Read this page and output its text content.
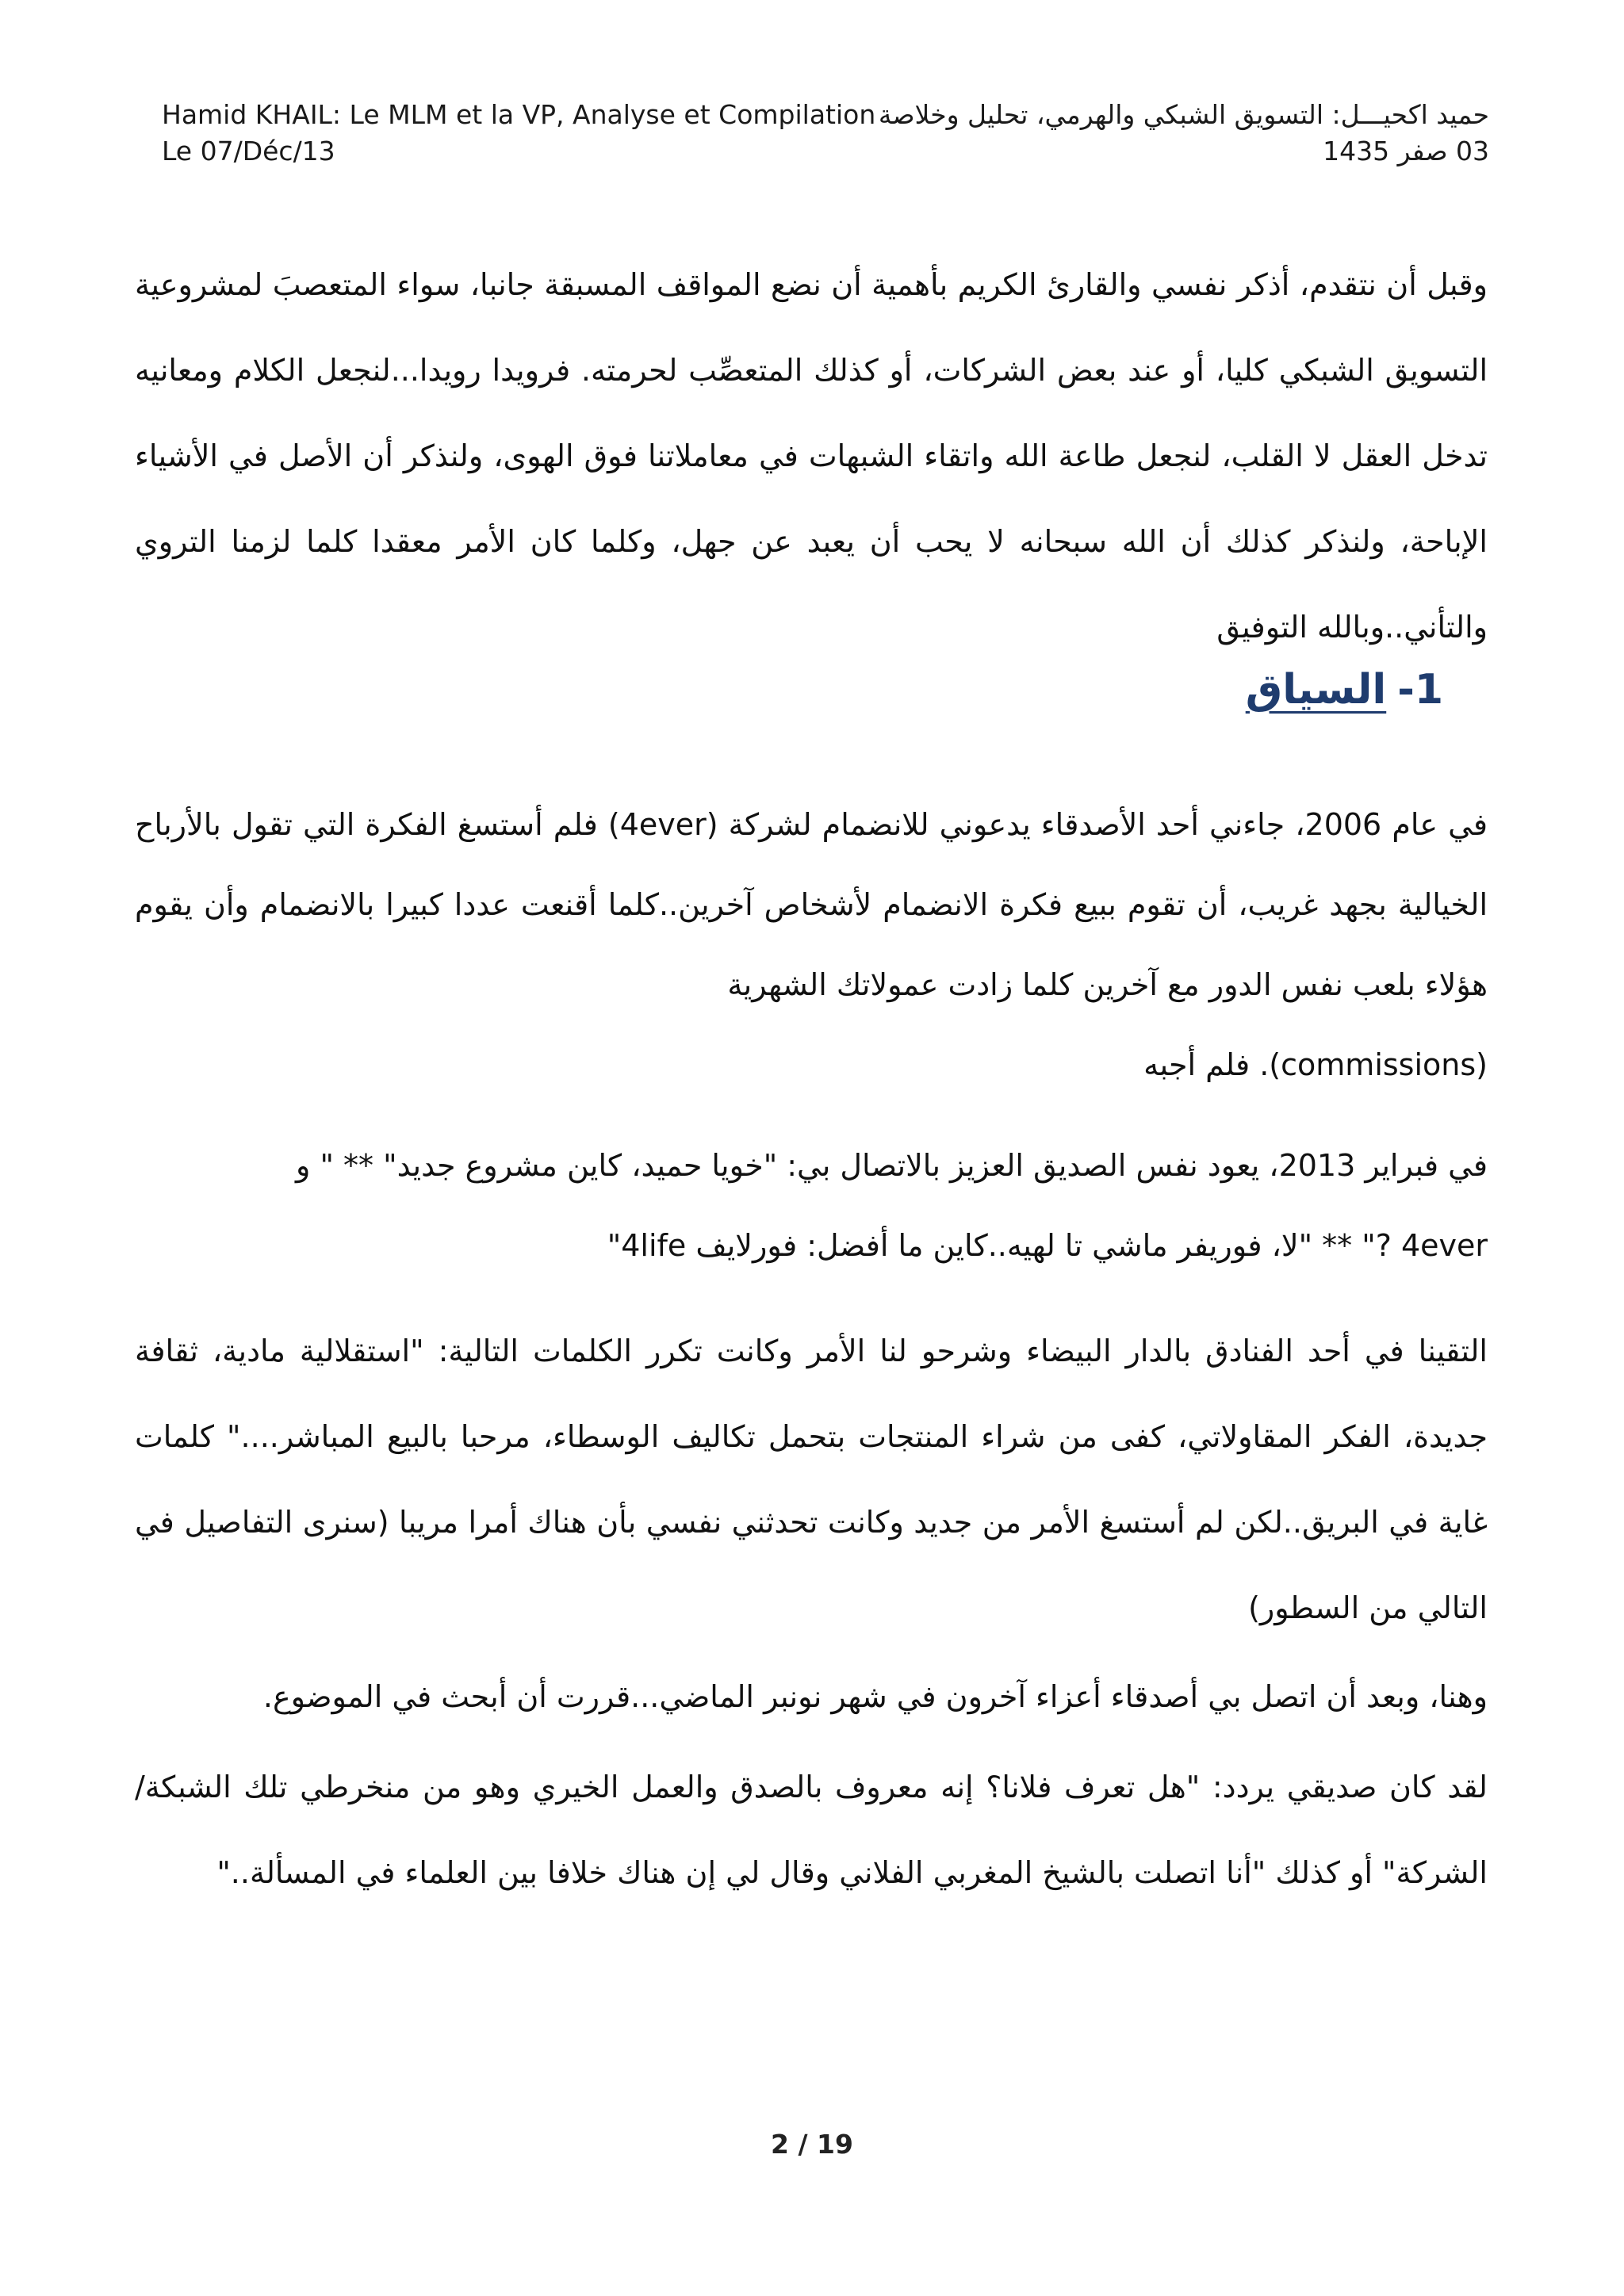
Hamid KHAIL: Le MLM et la VP, Analyse et Compilation
Le 07/Déc/13
حميد اكحيـــل: التسويق الشبكي والهرمي، تحليل وخلاصة
03 صفر 1435

وقبل أن نتقدم، أذكر نفسي والقارئ الكريم بأهمية أن نضع المواقف المسبقة جانبا، سواء المتعصبَ لمشروعية التسويق الشبكي كليا، أو عند بعض الشركات، أو كذلك المتعصِّب لحرمته. فرويدا رويدا...لنجعل الكلام ومعانيه تدخل العقل لا القلب، لنجعل طاعة الله واتقاء الشبهات في معاملاتنا فوق الهوى، ولنذكر أن الأصل في الأشياء الإباحة، ولنذكر كذلك أن الله سبحانه لا يحب أن يعبد عن جهل، وكلما كان الأمر معقدا كلما لزمنا التروي والتأني..وبالله التوفيق

1-السياق

في عام 2006، جاءني أحد الأصدقاء يدعوني للانضمام لشركة (4ever) فلم أستسغ الفكرة التي تقول بالأرباح الخيالية بجهد غريب، أن تقوم ببيع فكرة الانضمام لأشخاص آخرين..كلما أقنعت عددا كبيرا بالانضمام وأن يقوم هؤلاء بلعب نفس الدور مع آخرين كلما زادت عمولاتك الشهرية

(commissions). فلم أجبه
في فبراير 2013، يعود نفس الصديق العزيز بالاتصال بي: "خويا حميد، كاين مشروع جديد" ** " و
4ever ?" ** "لا، فوريفر ماشي تا لهيه..كاين ما أفضل: فورلايف 4life"

التقينا في أحد الفنادق بالدار البيضاء وشرحو لنا الأمر وكانت تكرر الكلمات التالية: "استقلالية مادية، ثقافة جديدة، الفكر المقاولاتي، كفى من شراء المنتجات بتحمل تكاليف الوسطاء، مرحبا بالبيع المباشر...." كلمات غاية في البريق..لكن لم أستسغ الأمر من جديد وكانت تحدثني نفسي بأن هناك أمرا مريبا (سنرى التفاصيل في التالي من السطور)

وهنا، وبعد أن اتصل بي أصدقاء أعزاء آخرون في شهر نونبر الماضي...قررت أن أبحث في الموضوع.

لقد كان صديقي يردد: "هل تعرف فلانا؟ إنه معروف بالصدق والعمل الخيري وهو من منخرطي تلك الشبكة/الشركة" أو كذلك "أنا اتصلت بالشيخ المغربي الفلاني وقال لي إن هناك خلافا بين العلماء في المسألة.."

2 / 19
